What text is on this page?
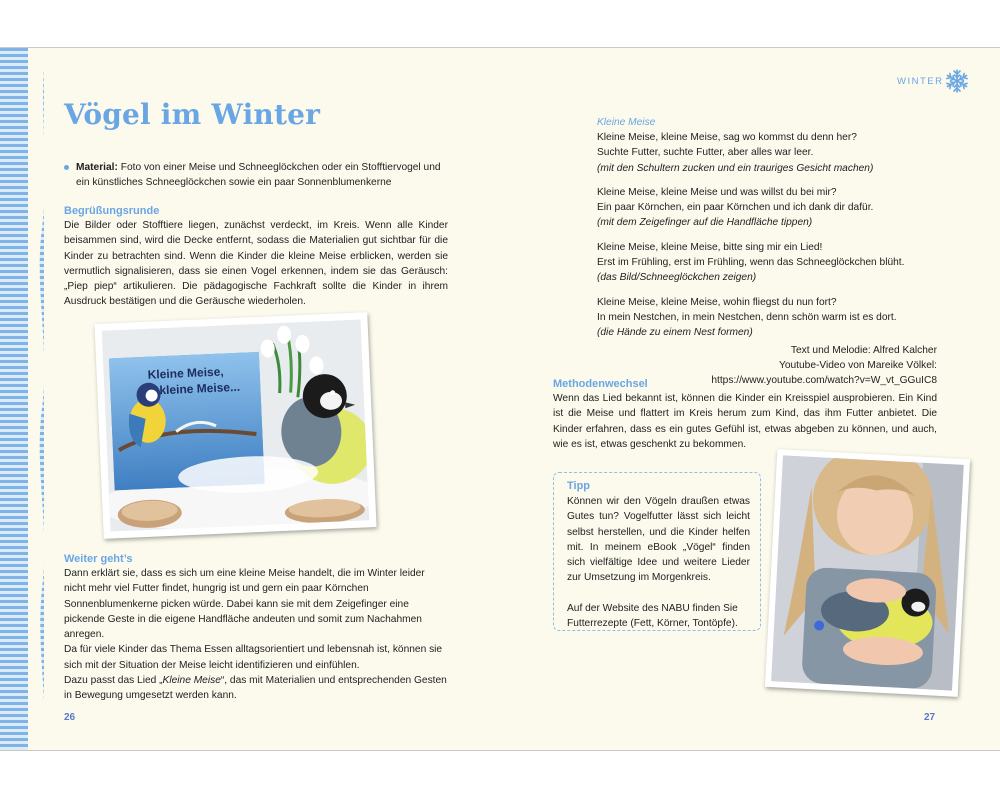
Vögel im Winter
Material: Foto von einer Meise und Schneeglöckchen oder ein Stofftiervogel und ein künstliches Schneeglöckchen sowie ein paar Sonnenblumenkerne
Begrüßungsrunde

Die Bilder oder Stofftiere liegen, zunächst verdeckt, im Kreis. Wenn alle Kinder beisammen sind, wird die Decke entfernt, sodass die Materialien gut sichtbar für die Kinder zu betrachten sind. Wenn die Kinder die kleine Meise erblicken, werden sie vermutlich signalisieren, dass sie einen Vogel erkennen, indem sie das Geräusch: „Piep piep“ artikulieren. Die pädagogische Fachkraft sollte die Kinder in ihrem Ausdruck bestätigen und die Geräusche wiederholen.

Kleine Meise,
kleine Meise...
Weiter geht’s

Dann erklärt sie, dass es sich um eine kleine Meise handelt, die im Winter leider nicht mehr viel Futter findet, hungrig ist und gern ein paar Körnchen Sonnenblumenkerne picken würde. Dabei kann sie mit dem Zeigefinger eine pickende Geste in die eigene Handfläche andeuten und somit zum Nachahmen anregen.

Da für viele Kinder das Thema Essen alltagsorientiert und lebensnah ist, können sie sich mit der Situation der Meise leicht identifizieren und einfühlen.

Dazu passt das Lied „Kleine Meise“, das mit Materialien und entsprechenden Gesten in Bewegung umgesetzt werden kann.

26
WINTER
Kleine Meise
Kleine Meise, kleine Meise, sag wo kommst du denn her?
Suchte Futter, suchte Futter, aber alles war leer.
(mit den Schultern zucken und ein trauriges Gesicht machen)
Kleine Meise, kleine Meise und was willst du bei mir?
Ein paar Körnchen, ein paar Körnchen und ich dank dir dafür.
(mit dem Zeigefinger auf die Handfläche tippen)
Kleine Meise, kleine Meise, bitte sing mir ein Lied!
Erst im Frühling, erst im Frühling, wenn das Schneeglöckchen blüht.
(das Bild/Schneeglöckchen zeigen)
Kleine Meise, kleine Meise, wohin fliegst du nun fort?
In mein Nestchen, in mein Nestchen, denn schön warm ist es dort.
(die Hände zu einem Nest formen)
Text und Melodie: Alfred Kalcher
Youtube-Video von Mareike Völkel:
https://www.youtube.com/watch?v=W_vt_GGuIC8
Methodenwechsel

Wenn das Lied bekannt ist, können die Kinder ein Kreisspiel ausprobieren. Ein Kind ist die Meise und flattert im Kreis herum zum Kind, das ihm Futter anbietet. Die Kinder erfahren, dass es ein gutes Gefühl ist, etwas abgeben zu können, und auch, wie es ist, etwas geschenkt zu bekommen.

Tipp

Können wir den Vögeln draußen etwas Gutes tun? Vogelfutter lässt sich leicht selbst herstellen, und die Kinder helfen mit. In meinem eBook „Vögel“ finden sich vielfältige Idee und weitere Lieder zur Umsetzung im Morgenkreis.

Auf der Website des NABU finden Sie Futterrezepte (Fett, Körner, Tontöpfe).

27
